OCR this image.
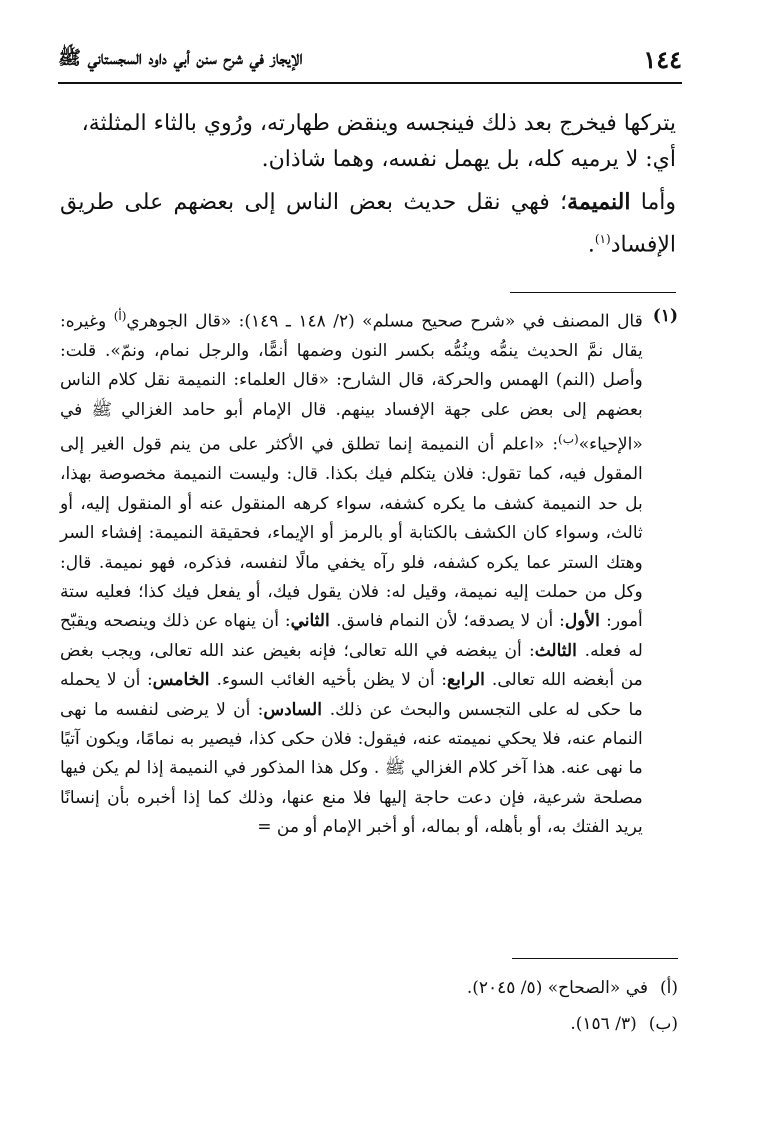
١٤٤
الإيجاز في شرح سنن أبي داود السجستاني ﷺ

يتركها فيخرج بعد ذلك فينجسه وينقض طهارته، ورُوي بالثاء المثلثة،
أي: لا يرميه كله، بل يهمل نفسه، وهما شاذان.

وأما النميمة؛ فهي نقل حديث بعض الناس إلى بعضهم على طريق الإفساد$^{(١)}$.

(١)
قال المصنف في «شرح صحيح مسلم» (٢/ ١٤٨ ـ ١٤٩): «قال الجوهري$^{(أ)}$ وغيره: يقال نمَّ الحديث ينمُّه وينُمُّه بكسر النون وضمها أنمًّا، والرجل نمام، ونمّ». قلت: وأصل (النم) الهمس والحركة، قال الشارح: «قال العلماء: النميمة نقل كلام الناس بعضهم إلى بعض على جهة الإفساد بينهم. قال الإمام أبو حامد الغزالي ﷺ في «الإحياء»$^{(ب)}$: «اعلم أن النميمة إنما تطلق في الأكثر على من ينم قول الغير إلى المقول فيه، كما تقول: فلان يتكلم فيك بكذا. قال: وليست النميمة مخصوصة بهذا، بل حد النميمة كشف ما يكره كشفه، سواء كرهه المنقول عنه أو المنقول إليه، أو ثالث، وسواء كان الكشف بالكتابة أو بالرمز أو الإيماء، فحقيقة النميمة: إفشاء السر وهتك الستر عما يكره كشفه، فلو رآه يخفي مالًا لنفسه، فذكره، فهو نميمة. قال: وكل من حملت إليه نميمة، وقيل له: فلان يقول فيك، أو يفعل فيك كذا؛ فعليه ستة أمور: الأول: أن لا يصدقه؛ لأن النمام فاسق. الثاني: أن ينهاه عن ذلك وينصحه ويقبّح له فعله. الثالث: أن يبغضه في الله تعالى؛ فإنه بغيض عند الله تعالى، ويجب بغض من أبغضه الله تعالى. الرابع: أن لا يظن بأخيه الغائب السوء. الخامس: أن لا يحمله ما حكى له على التجسس والبحث عن ذلك. السادس: أن لا يرضى لنفسه ما نهى النمام عنه، فلا يحكي نميمته عنه، فيقول: فلان حكى كذا، فيصير به نمامًا، ويكون آتيًا ما نهى عنه. هذا آخر كلام الغزالي ﷺ . وكل هذا المذكور في النميمة إذا لم يكن فيها مصلحة شرعية، فإن دعت حاجة إليها فلا منع عنها، وذلك كما إذا أخبره بأن إنسانًا يريد الفتك به، أو بأهله، أو بماله، أو أخبر الإمام أو من =
(أ)
في «الصحاح» (٥/ ٢٠٤٥).
(ب)
(٣/ ١٥٦).
